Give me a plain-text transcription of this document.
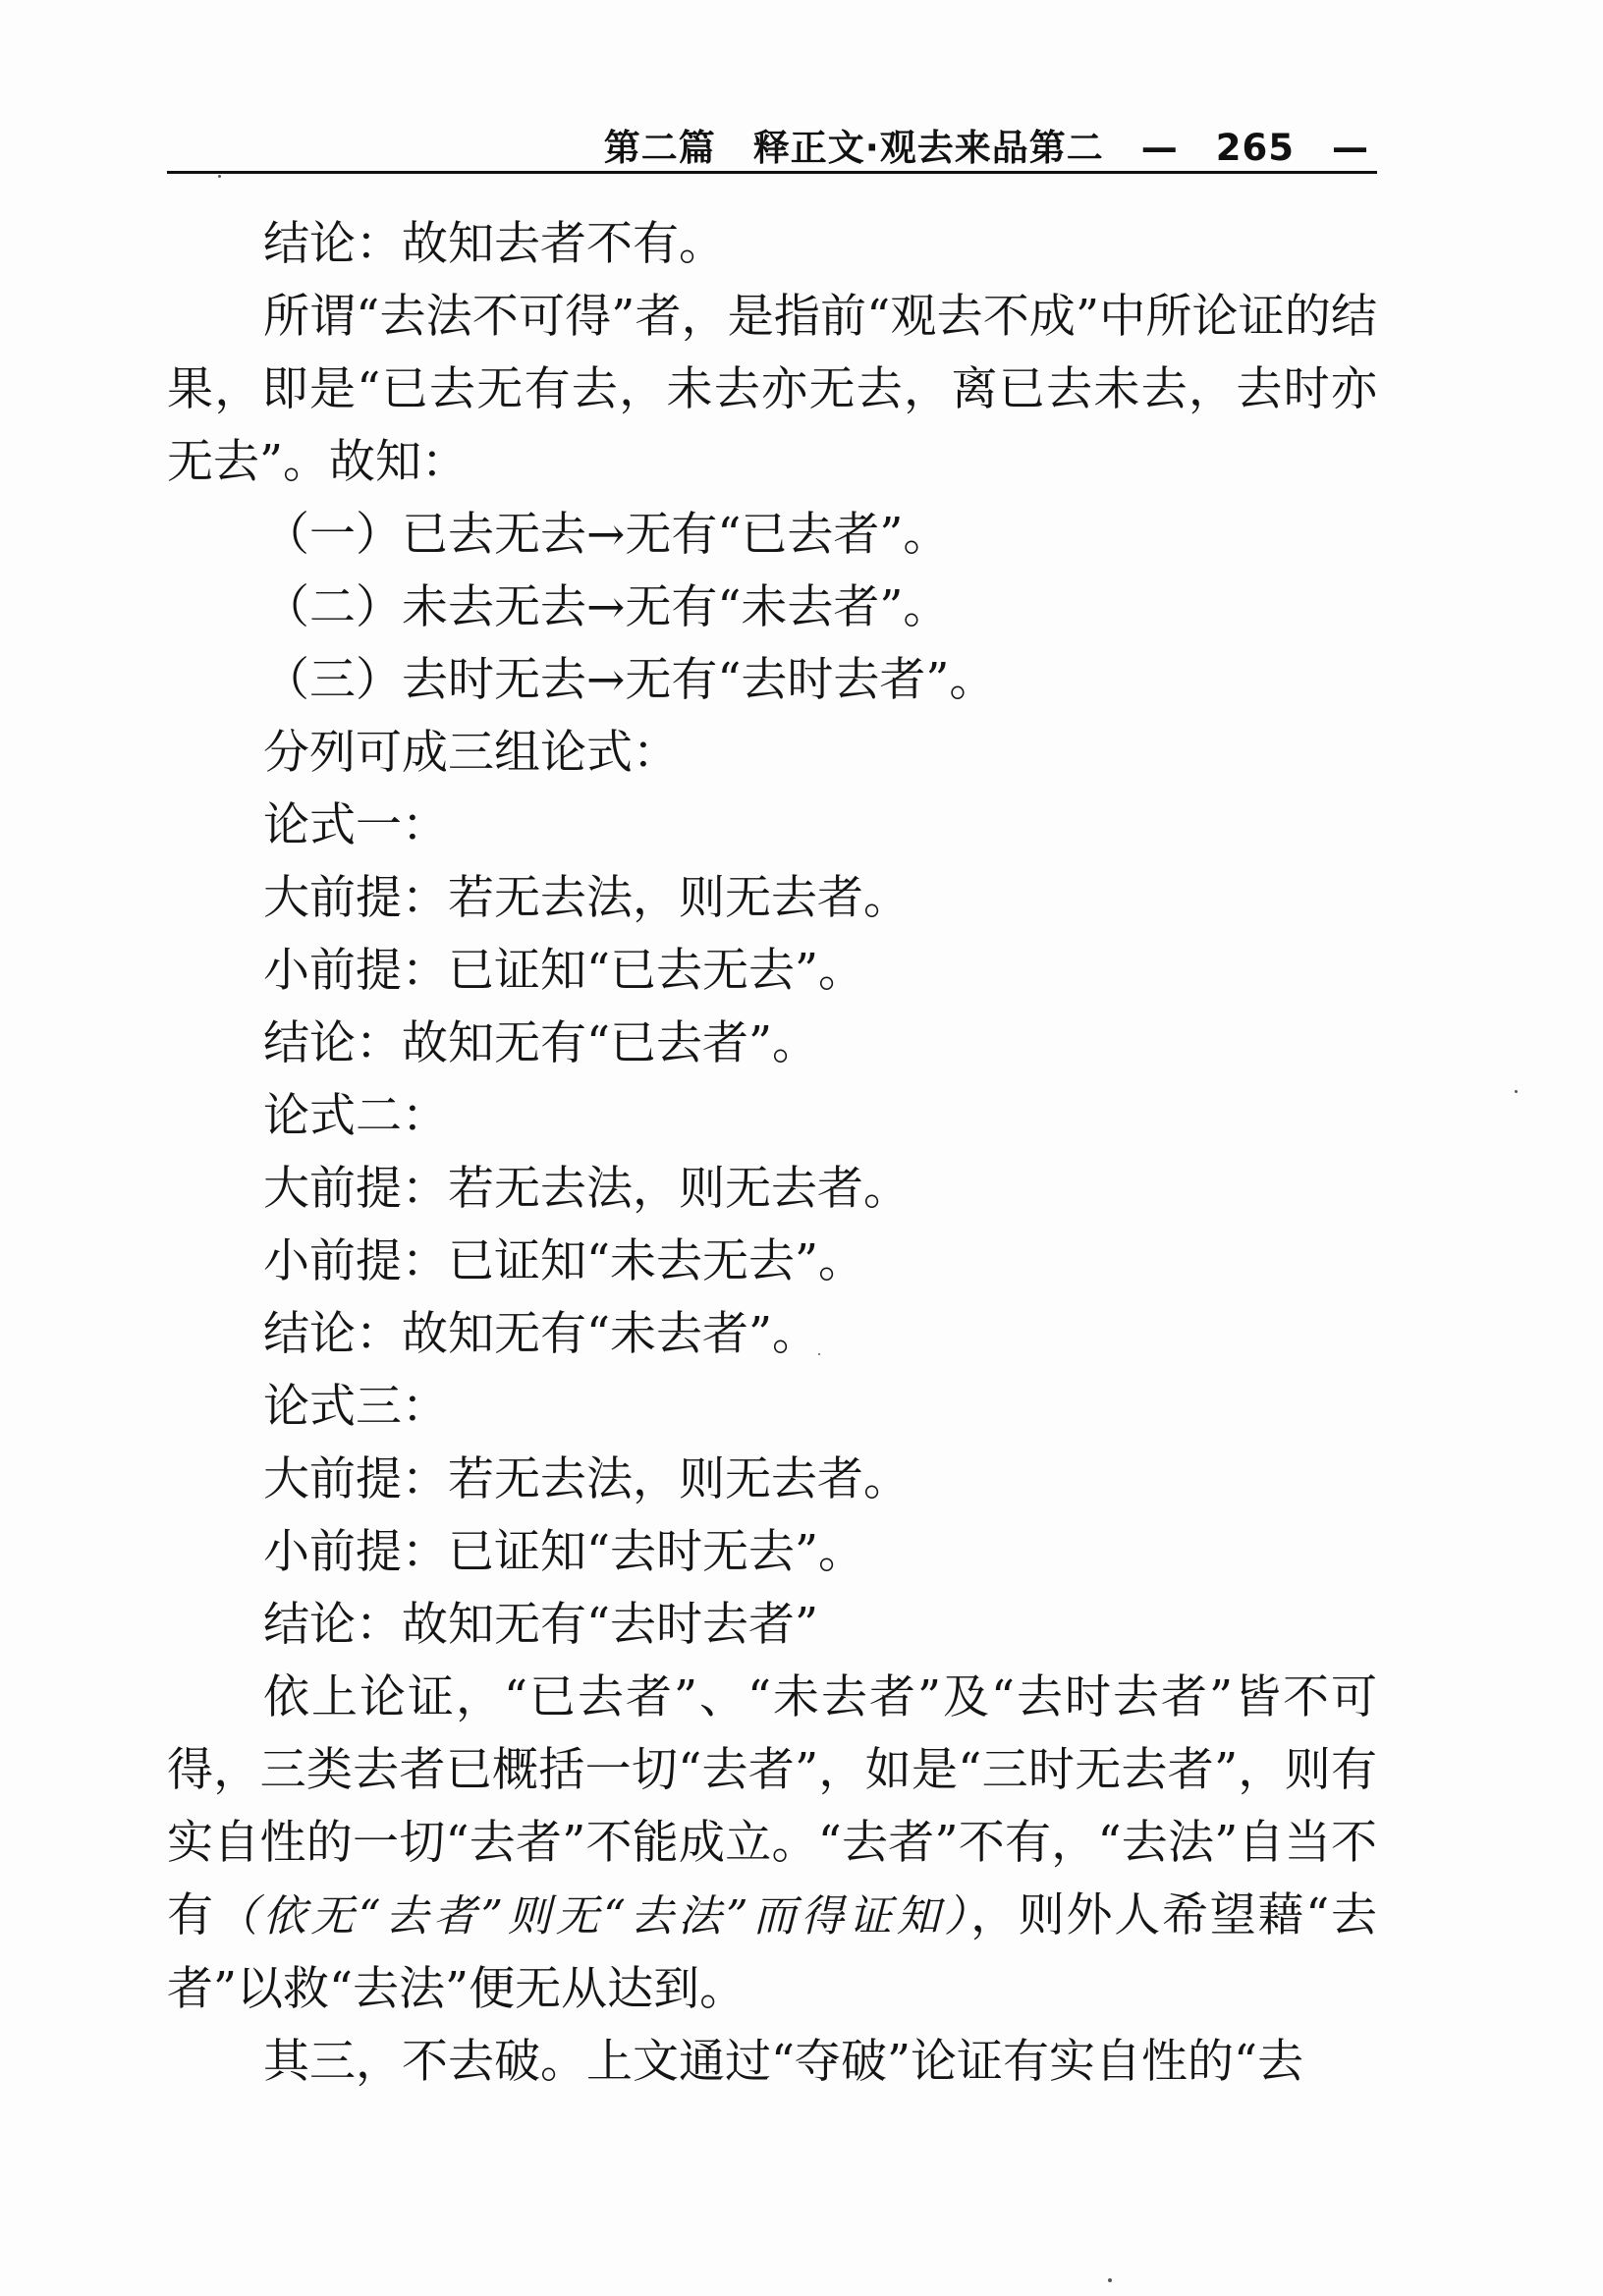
第二篇　释正文·观去来品第二　—　265　—

结论：故知去者不有。

所谓“去法不可得”者，是指前“观去不成”中所论证的结果，即是“已去无有去，未去亦无去，离已去未去，去时亦无去”。故知：

（一）已去无去→无有“已去者”。

（二）未去无去→无有“未去者”。

（三）去时无去→无有“去时去者”。

分列可成三组论式：

论式一：

大前提：若无去法，则无去者。

小前提：已证知“已去无去”。

结论：故知无有“已去者”。

论式二：

大前提：若无去法，则无去者。

小前提：已证知“未去无去”。

结论：故知无有“未去者”。

论式三：

大前提：若无去法，则无去者。

小前提：已证知“去时无去”。

结论：故知无有“去时去者”

依上论证，“已去者”、“未去者”及“去时去者”皆不可得，三类去者已概括一切“去者”，如是“三时无去者”，则有实自性的一切“去者”不能成立。“去者”不有，“去法”自当不有（依无“去者”则无“去法”而得证知），则外人希望藉“去者”以救“去法”便无从达到。

其三，不去破。上文通过“夺破”论证有实自性的“去
